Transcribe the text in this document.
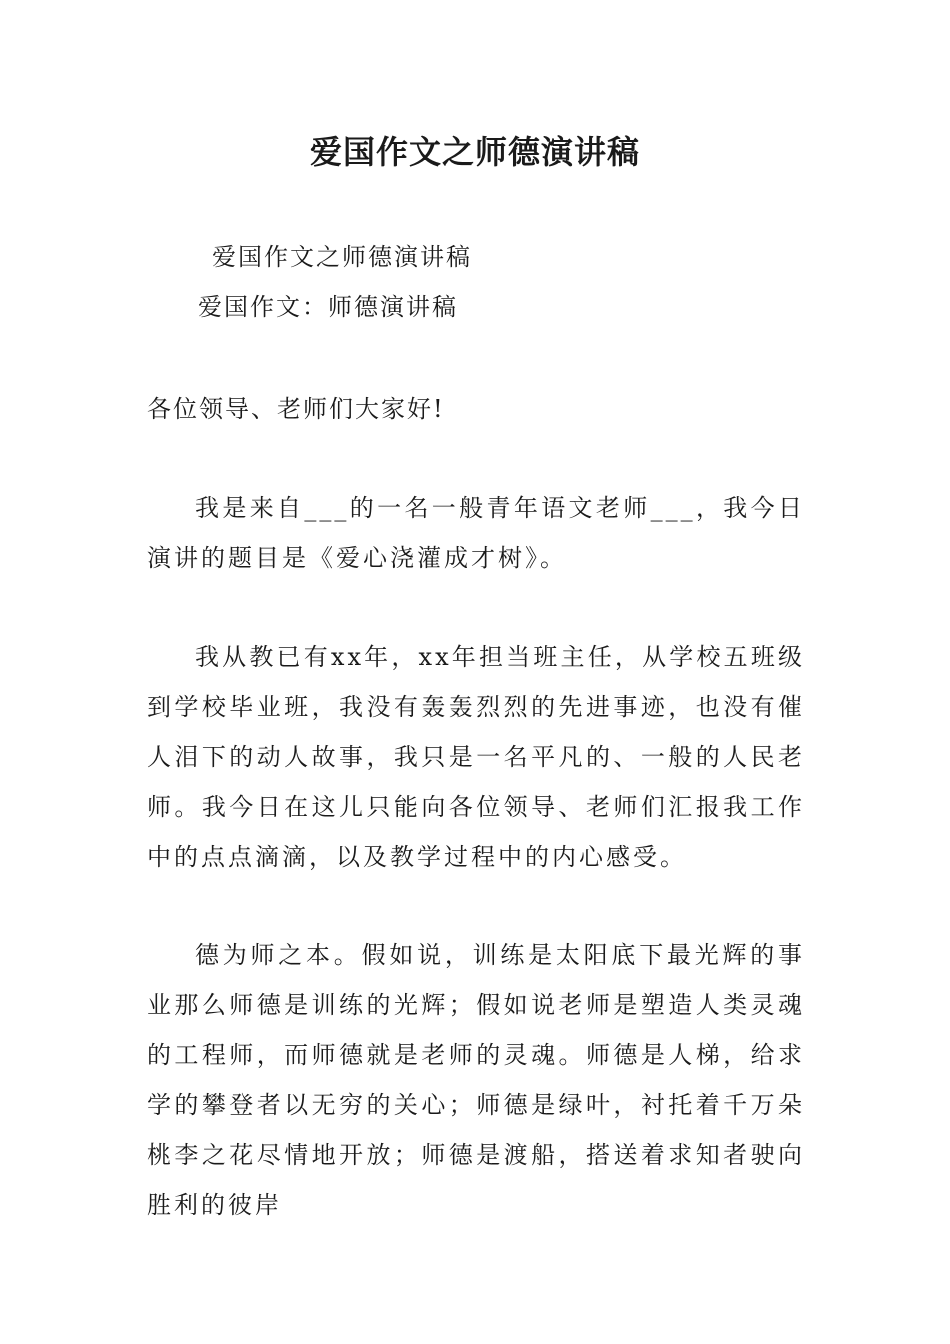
爱国作文之师德演讲稿

爱国作文之师德演讲稿

爱国作文：师德演讲稿

各位领导、老师们大家好!

我是来自___的一名一般青年语文老师___，我今日演讲的题目是《爱心浇灌成才树》。

我从教已有xx年，xx年担当班主任，从学校五班级到学校毕业班，我没有轰轰烈烈的先进事迹，也没有催人泪下的动人故事，我只是一名平凡的、一般的人民老师。我今日在这儿只能向各位领导、老师们汇报我工作中的点点滴滴，以及教学过程中的内心感受。

德为师之本。假如说，训练是太阳底下最光辉的事业那么师德是训练的光辉；假如说老师是塑造人类灵魂的工程师，而师德就是老师的灵魂。师德是人梯，给求学的攀登者以无穷的关心；师德是绿叶，衬托着千万朵桃李之花尽情地开放；师德是渡船，搭送着求知者驶向胜利的彼岸
